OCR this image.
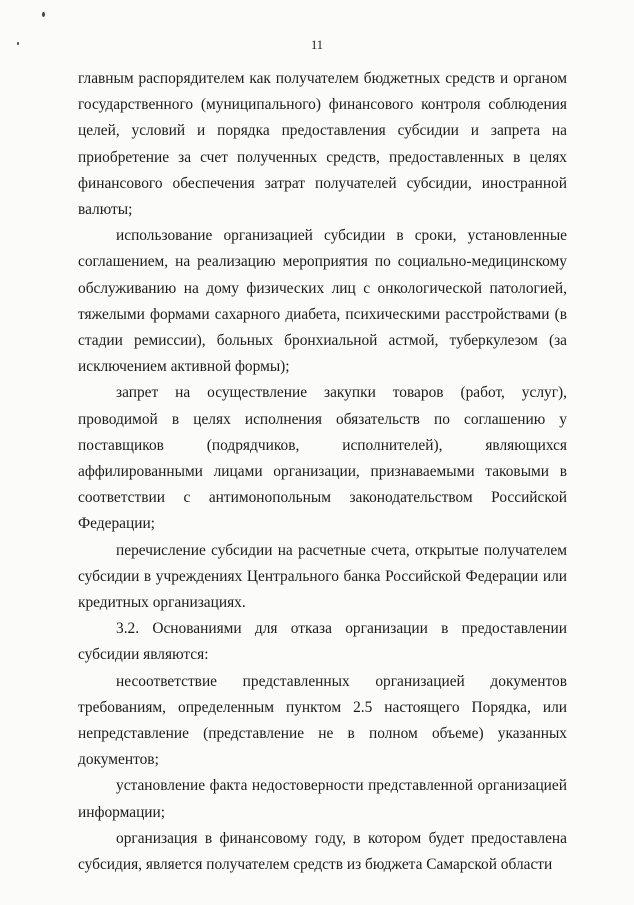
11

главным распорядителем как получателем бюджетных средств и органом государственного (муниципального) финансового контроля соблюдения целей, условий и порядка предоставления субсидии и запрета на приобретение за счет полученных средств, предоставленных в целях финансового обеспечения затрат получателей субсидии, иностранной валюты;

использование организацией субсидии в сроки, установленные соглашением, на реализацию мероприятия по социально-медицинскому обслуживанию на дому физических лиц с онкологической патологией, тяжелыми формами сахарного диабета, психическими расстройствами (в стадии ремиссии), больных бронхиальной астмой, туберкулезом (за исключением активной формы);

запрет на осуществление закупки товаров (работ, услуг), проводимой в целях исполнения обязательств по соглашению у поставщиков (подрядчиков, исполнителей), являющихся аффилированными лицами организации, признаваемыми таковыми в соответствии с антимонопольным законодательством Российской Федерации;

перечисление субсидии на расчетные счета, открытые получателем субсидии в учреждениях Центрального банка Российской Федерации или кредитных организациях.

3.2. Основаниями для отказа организации в предоставлении субсидии являются:

несоответствие представленных организацией документов требованиям, определенным пунктом 2.5 настоящего Порядка, или непредставление (представление не в полном объеме) указанных документов;

установление факта недостоверности представленной организацией информации;

организация в финансовому году, в котором будет предоставлена субсидия, является получателем средств из бюджета Самарской области
